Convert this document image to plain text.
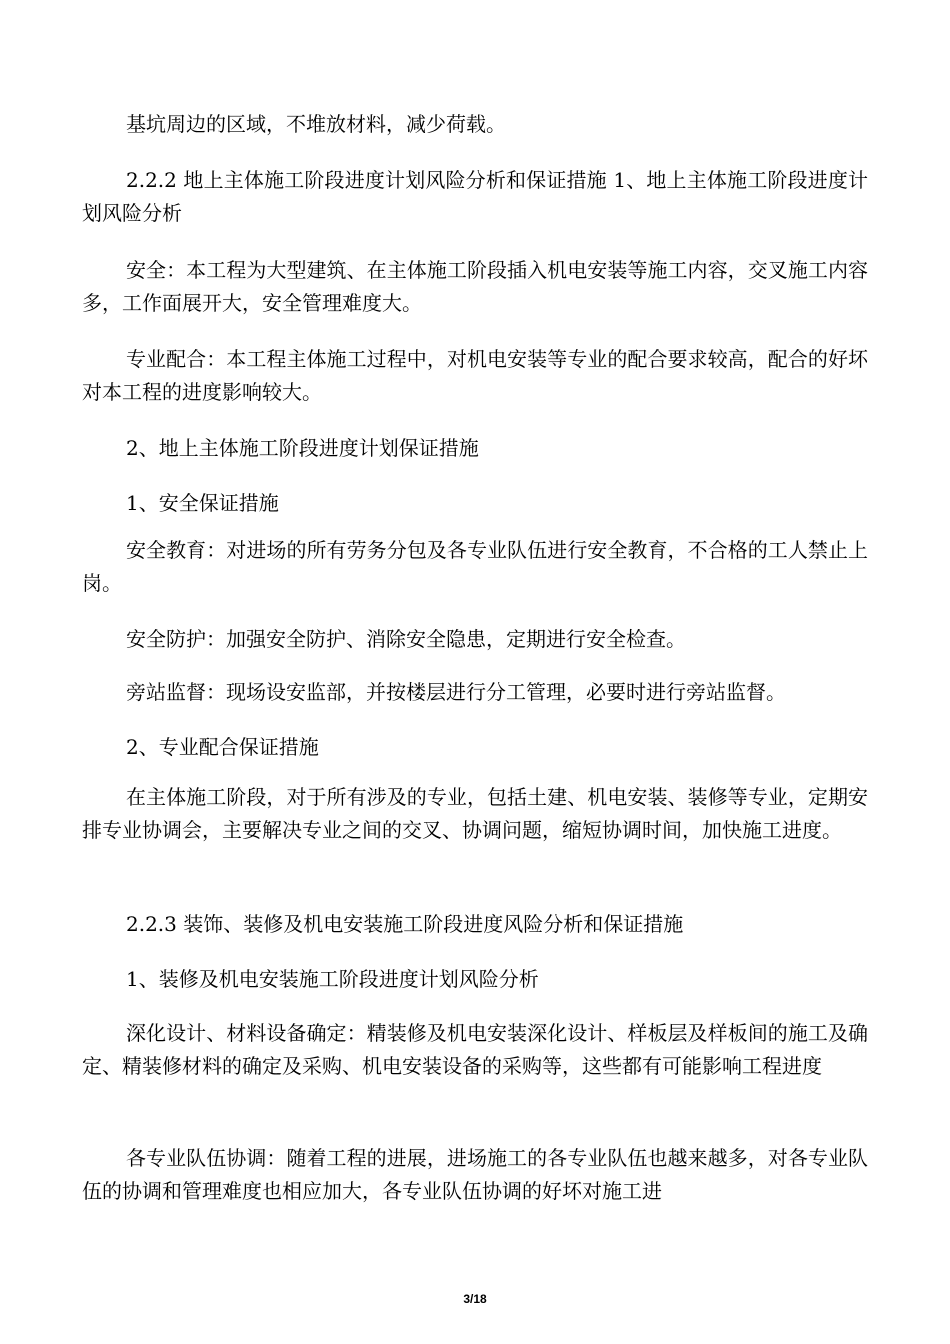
基坑周边的区域，不堆放材料，减少荷载。

2.2.2 地上主体施工阶段进度计划风险分析和保证措施 1、地上主体施工阶段进度计划风险分析

安全：本工程为大型建筑、在主体施工阶段插入机电安装等施工内容，交叉施工内容多，工作面展开大，安全管理难度大。

专业配合：本工程主体施工过程中，对机电安装等专业的配合要求较高，配合的好坏对本工程的进度影响较大。

2、地上主体施工阶段进度计划保证措施

1、安全保证措施

安全教育：对进场的所有劳务分包及各专业队伍进行安全教育，不合格的工人禁止上岗。

安全防护：加强安全防护、消除安全隐患，定期进行安全检查。

旁站监督：现场设安监部，并按楼层进行分工管理，必要时进行旁站监督。

2、专业配合保证措施

在主体施工阶段，对于所有涉及的专业，包括土建、机电安装、装修等专业，定期安排专业协调会，主要解决专业之间的交叉、协调问题，缩短协调时间，加快施工进度。

2.2.3 装饰、装修及机电安装施工阶段进度风险分析和保证措施

1、装修及机电安装施工阶段进度计划风险分析

深化设计、材料设备确定：精装修及机电安装深化设计、样板层及样板间的施工及确定、精装修材料的确定及采购、机电安装设备的采购等，这些都有可能影响工程进度

各专业队伍协调：随着工程的进展，进场施工的各专业队伍也越来越多，对各专业队伍的协调和管理难度也相应加大，各专业队伍协调的好坏对施工进

3/18
